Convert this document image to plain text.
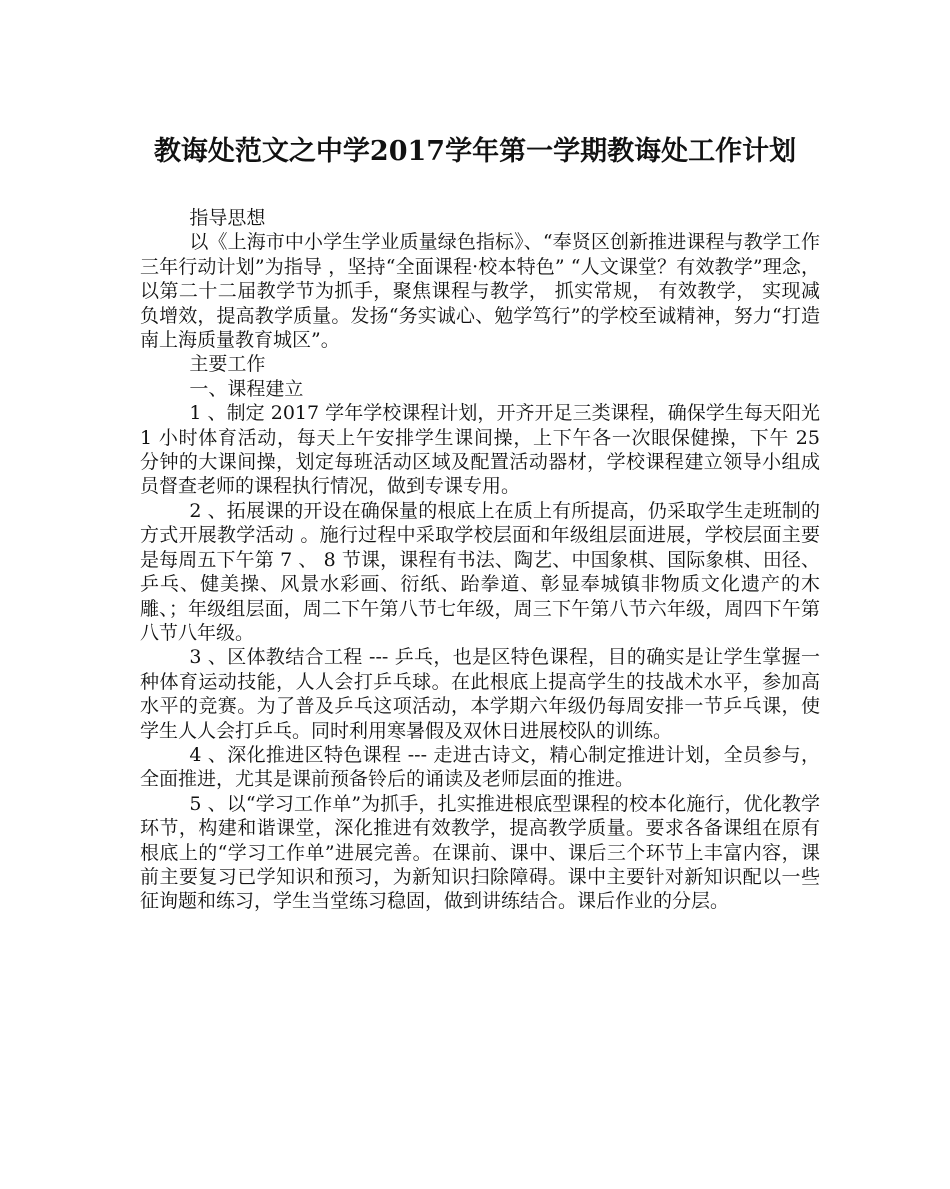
教诲处范文之中学2017学年第一学期教诲处工作计划

指导思想

以《上海市中小学生学业质量绿色指标》、“奉贤区创新推进课程与教学工作三年行动计划”为指导 ，坚持“全面课程·校本特色” “人文课堂？有效教学”理念，以第二十二届教学节为抓手，聚焦课程与教学， 抓实常规， 有效教学， 实现减负增效，提高教学质量。发扬“务实诚心、勉学笃行”的学校至诚精神，努力“打造南上海质量教育城区”。

主要工作

一、课程建立

1 、制定 2017 学年学校课程计划，开齐开足三类课程，确保学生每天阳光 1 小时体育活动，每天上午安排学生课间操，上下午各一次眼保健操，下午 25 分钟的大课间操，划定每班活动区域及配置活动器材，学校课程建立领导小组成员督查老师的课程执行情况，做到专课专用。

2 、拓展课的开设在确保量的根底上在质上有所提高，仍采取学生走班制的方式开展教学活动 。施行过程中采取学校层面和年级组层面进展，学校层面主要是每周五下午第 7 、 8 节课，课程有书法、陶艺、中国象棋、国际象棋、田径、乒乓、健美操、风景水彩画、衍纸、跆拳道、彰显奉城镇非物质文化遗产的木雕、；年级组层面，周二下午第八节七年级，周三下午第八节六年级，周四下午第八节八年级。

3 、区体教结合工程 --- 乒乓，也是区特色课程，目的确实是让学生掌握一种体育运动技能，人人会打乒乓球。在此根底上提高学生的技战术水平，参加高水平的竞赛。为了普及乒乓这项活动，本学期六年级仍每周安排一节乒乓课，使学生人人会打乒乓。同时利用寒暑假及双休日进展校队的训练。

4 、深化推进区特色课程 --- 走进古诗文，精心制定推进计划，全员参与，全面推进，尤其是课前预备铃后的诵读及老师层面的推进。

5 、以“学习工作单”为抓手，扎实推进根底型课程的校本化施行，优化教学环节，构建和谐课堂，深化推进有效教学，提高教学质量。要求各备课组在原有根底上的“学习工作单”进展完善。在课前、课中、课后三个环节上丰富内容，课前主要复习已学知识和预习，为新知识扫除障碍。课中主要针对新知识配以一些征询题和练习，学生当堂练习稳固，做到讲练结合。课后作业的分层。
